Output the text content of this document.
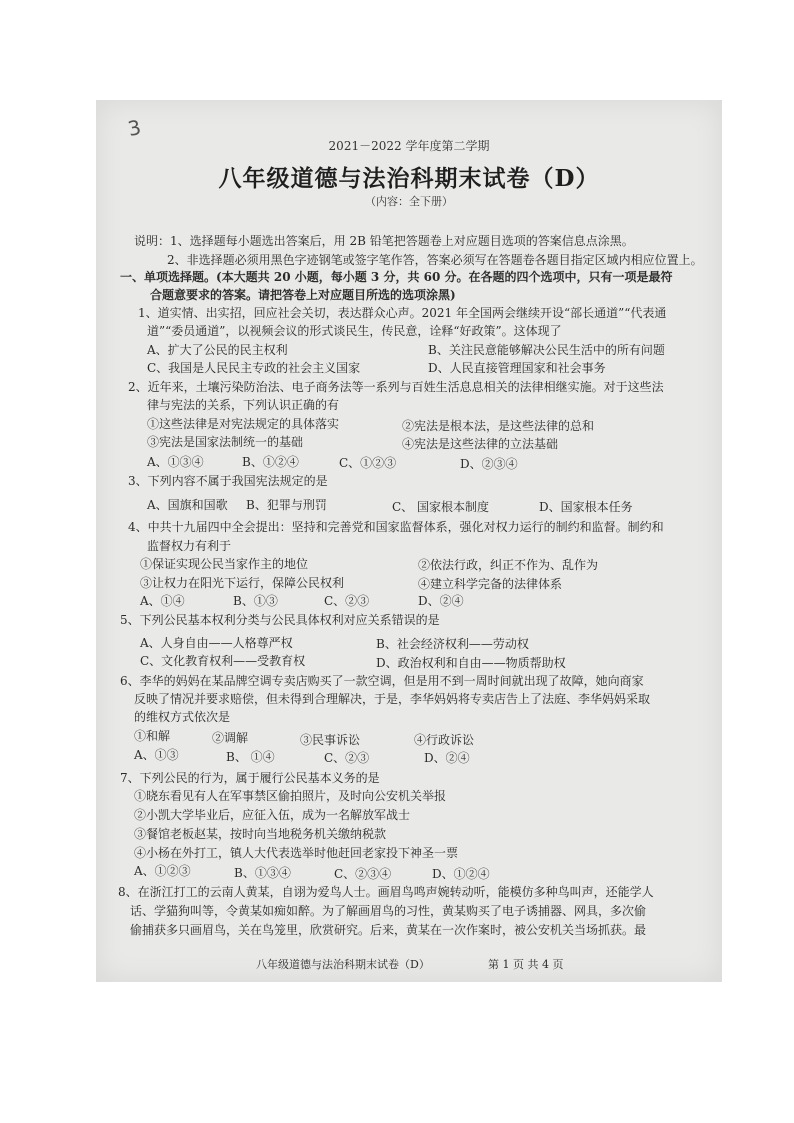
3
2021－2022 学年度第二学期
八年级道德与法治科期末试卷（D）
（内容：全下册）
说明：1、选择题每小题选出答案后，用 2B 铅笔把答题卷上对应题目选项的答案信息点涂黑。
2、非选择题必须用黑色字迹钢笔或签字笔作答，答案必须写在答题卷各题目指定区域内相应位置上。
一、单项选择题。(本大题共 20 小题，每小题 3 分，共 60 分。在各题的四个选项中，只有一项是最符
合题意要求的答案。请把答卷上对应题目所选的选项涂黑)
1、道实情、出实招，回应社会关切，表达群众心声。2021 年全国两会继续开设“部长通道”“代表通
道”“委员通道”，以视频会议的形式谈民生，传民意，诠释“好政策”。这体现了
A、扩大了公民的民主权利	B、关注民意能够解决公民生活中的所有问题
C、我国是人民民主专政的社会主义国家	D、人民直接管理国家和社会事务
2、近年来，土壤污染防治法、电子商务法等一系列与百姓生活息息相关的法律相继实施。对于这些法
律与宪法的关系，下列认识正确的有
①这些法律是对宪法规定的具体落实	②宪法是根本法，是这些法律的总和
③宪法是国家法制统一的基础	④宪法是这些法律的立法基础
A、①③④	B、①②④	C、①②③	D、②③④
3、下列内容不属于我国宪法规定的是
A、国旗和国歌 B、犯罪与刑罚	C、 国家根本制度	D、国家根本任务
4、中共十九届四中全会提出：坚持和完善党和国家监督体系，强化对权力运行的制约和监督。制约和
监督权力有利于
①保证实现公民当家作主的地位	②依法行政，纠正不作为、乱作为
③让权力在阳光下运行，保障公民权利	④建立科学完备的法律体系
A、①④	B、①③	C、②③	D、②④
5、下列公民基本权利分类与公民具体权利对应关系错误的是
A、人身自由——人格尊严权	B、社会经济权利——劳动权
C、文化教育权利——受教育权	D、政治权利和自由——物质帮助权
6、李华的妈妈在某品牌空调专卖店购买了一款空调，但是用不到一周时间就出现了故障，她向商家
反映了情况并要求赔偿，但未得到合理解决，于是，李华妈妈将专卖店告上了法庭、李华妈妈采取
的维权方式依次是
①和解	②调解	③民事诉讼	④行政诉讼
A、①③	B、 ①④	C、②③	D、②④
7、下列公民的行为，属于履行公民基本义务的是
①晓东看见有人在军事禁区偷拍照片，及时向公安机关举报
②小凯大学毕业后，应征入伍，成为一名解放军战士
③餐馆老板赵某，按时向当地税务机关缴纳税款
④小杨在外打工，镇人大代表选举时他赶回老家投下神圣一票
A、①②③	B、①③④	C、②③④	D、①②④
8、在浙江打工的云南人黄某，自诩为爱鸟人士。画眉鸟鸣声婉转动听，能模仿多种鸟叫声，还能学人
话、学猫狗叫等，令黄某如痴如醉。为了解画眉鸟的习性，黄某购买了电子诱捕器、网具，多次偷
偷捕获多只画眉鸟，关在鸟笼里，欣赏研究。后来，黄某在一次作案时，被公安机关当场抓获。最
八年级道德与法治科期末试卷（D）	第 1 页 共 4 页
